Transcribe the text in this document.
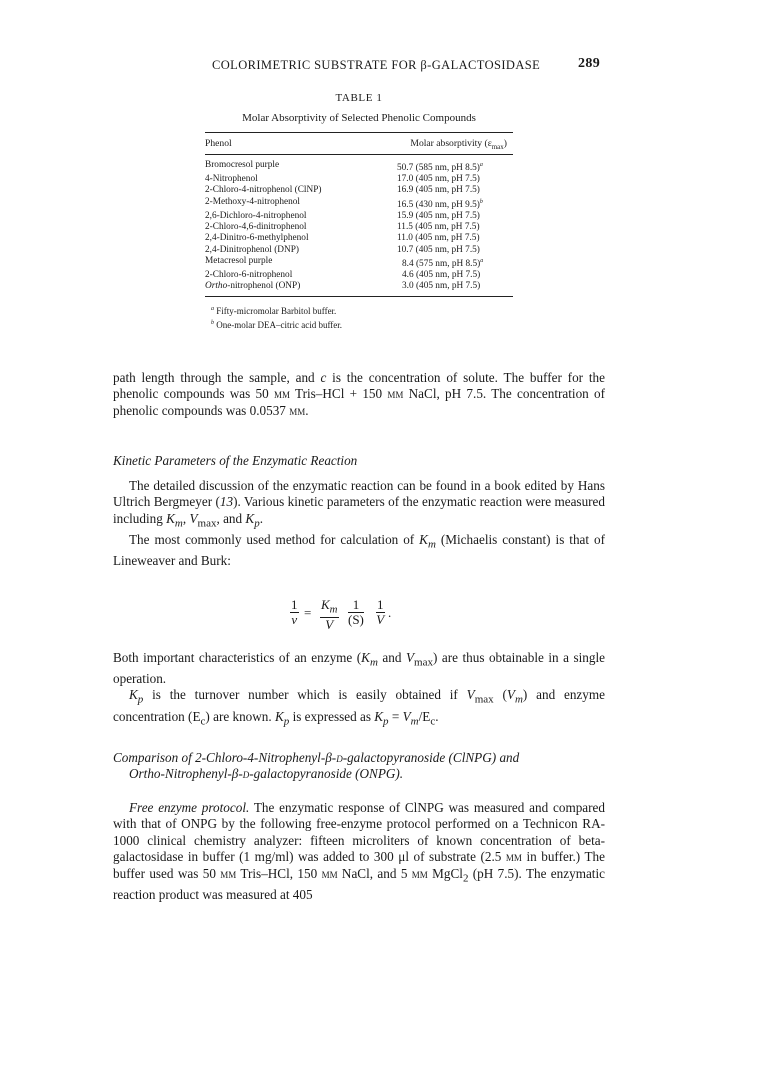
COLORIMETRIC SUBSTRATE FOR β-GALACTOSIDASE	289
TABLE 1
Molar Absorptivity of Selected Phenolic Compounds
Phenol	Molar absorptivity $(\varepsilon_{max})$
Bromocresol purple	50.7 (585 nm, pH 8.5)$^a$
4-Nitrophenol	17.0 (405 nm, pH 7.5)
2-Chloro-4-nitrophenol (ClNP)	16.9 (405 nm, pH 7.5)
2-Methoxy-4-nitrophenol	16.5 (430 nm, pH 9.5)$^b$
2,6-Dichloro-4-nitrophenol	15.9 (405 nm, pH 7.5)
2-Chloro-4,6-dinitrophenol	11.5 (405 nm, pH 7.5)
2,4-Dinitro-6-methylphenol	11.0 (405 nm, pH 7.5)
2,4-Dinitrophenol (DNP)	10.7 (405 nm, pH 7.5)
Metacresol purple	8.4 (575 nm, pH 8.5)$^a$
2-Chloro-6-nitrophenol	4.6 (405 nm, pH 7.5)
Ortho-nitrophenol (ONP)	3.0 (405 nm, pH 7.5)
$^a$ Fifty-micromolar Barbitol buffer.
$^b$ One-molar DEA–citric acid buffer.

path length through the sample, and c is the concentration of solute. The buffer for the phenolic compounds was 50 mm Tris–HCl + 150 mm NaCl, pH 7.5. The concentration of phenolic compounds was 0.0537 mm.

Kinetic Parameters of the Enzymatic Reaction

The detailed discussion of the enzymatic reaction can be found in a book edited by Hans Ultrich Bergmeyer (13). Various kinetic parameters of the enzymatic reaction were measured including $K_m$, $V_{max}$, and $K_p$.

The most commonly used method for calculation of $K_m$ (Michaelis constant) is that of Lineweaver and Burk:

$\frac{1}{v} = \frac{K_m}{V} \frac{1}{(S)} \frac{1}{V}$ .

Both important characteristics of an enzyme ($K_m$ and $V_{max}$) are thus obtainable in a single operation.

$K_p$ is the turnover number which is easily obtained if $V_{max}$ $(V_m)$ and enzyme concentration $(E_c)$ are known. $K_p$ is expressed as $K_p = V_m/E_c$.

Comparison of 2-Chloro-4-Nitrophenyl-β-d-galactopyranoside (ClNPG) and
Ortho-Nitrophenyl-β-d-galactopyranoside (ONPG).

Free enzyme protocol. The enzymatic response of ClNPG was measured and compared with that of ONPG by the following free-enzyme protocol performed on a Technicon RA-1000 clinical chemistry analyzer: fifteen microliters of known concentration of beta-galactosidase in buffer (1 mg/ml) was added to 300 μl of substrate (2.5 mm in buffer.) The buffer used was 50 mm Tris–HCl, 150 mm NaCl, and 5 mm MgCl$_2$ (pH 7.5). The enzymatic reaction product was measured at 405
